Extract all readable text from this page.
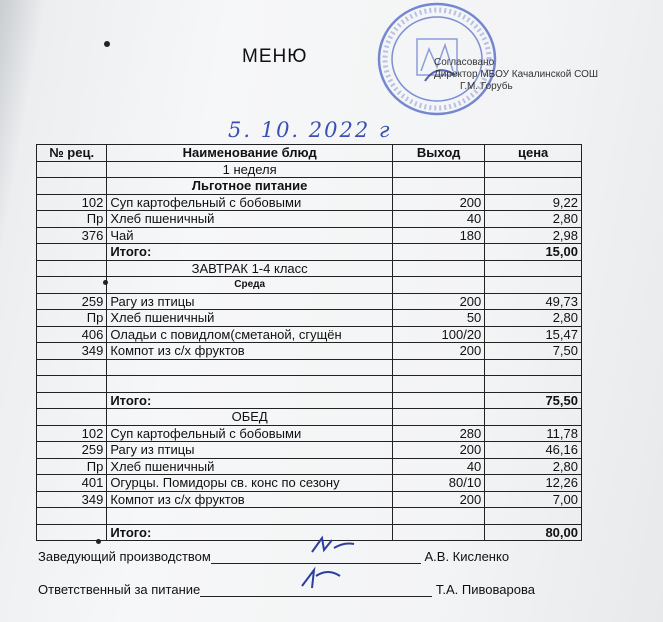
МЕНЮ	Согласовано
Директор МБОУ Качалинской СОШ
Г.М. Горубь
5. 10. 2022 г
№ рец.	Наименование блюд	Выход	цена
	1 неделя		
	Льготное питание		
102	Суп картофельный с бобовыми	200	9,22
Пр	Хлеб пшеничный	40	2,80
376	Чай	180	2,98
	Итого:		15,00
	ЗАВТРАК 1-4 класс		
	Среда		
259	Рагу из птицы	200	49,73
Пр	Хлеб пшеничный	50	2,80
406	Оладьи с повидлом(сметаной, сгущён	100/20	15,47
349	Компот из с/х фруктов	200	7,50

	Итого:		75,50
	ОБЕД		
102	Суп картофельный с бобовыми	280	11,78
259	Рагу из птицы	200	46,16
Пр	Хлеб пшеничный	40	2,80
401	Огурцы. Помидоры св. конс по сезону	80/10	12,26
349	Компот из с/х фруктов	200	7,00

	Итого:		80,00
Заведующий производством	А.В. Кисленко
Ответственный за питание	Т.А. Пивоварова
